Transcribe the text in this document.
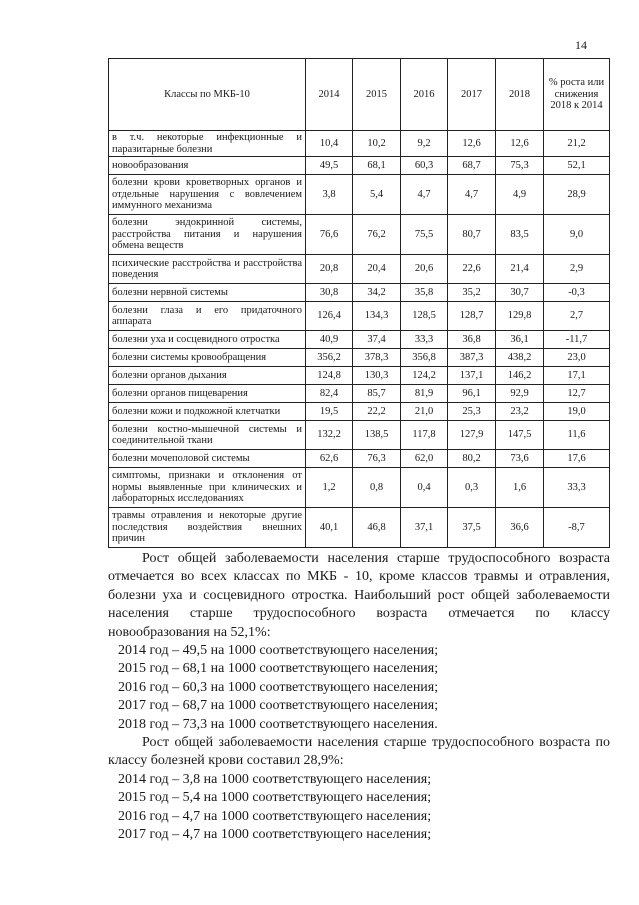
14
Классы по МКБ-10	2014	2015	2016	2017	2018	% роста или снижения 2018 к 2014
в т.ч. некоторые инфекционные и паразитарные болезни	10,4	10,2	9,2	12,6	12,6	21,2
новообразования	49,5	68,1	60,3	68,7	75,3	52,1
болезни крови кроветворных органов и отдельные нарушения с вовлечением иммунного механизма	3,8	5,4	4,7	4,7	4,9	28,9
болезни эндокринной системы, расстройства питания и нарушения обмена веществ	76,6	76,2	75,5	80,7	83,5	9,0
психические расстройства и расстройства поведения	20,8	20,4	20,6	22,6	21,4	2,9
болезни нервной системы	30,8	34,2	35,8	35,2	30,7	-0,3
болезни глаза и его придаточного аппарата	126,4	134,3	128,5	128,7	129,8	2,7
болезни уха и сосцевидного отростка	40,9	37,4	33,3	36,8	36,1	-11,7
болезни системы кровообращения	356,2	378,3	356,8	387,3	438,2	23,0
болезни органов дыхания	124,8	130,3	124,2	137,1	146,2	17,1
болезни органов пищеварения	82,4	85,7	81,9	96,1	92,9	12,7
болезни кожи и подкожной клетчатки	19,5	22,2	21,0	25,3	23,2	19,0
болезни костно-мышечной системы и соединительной ткани	132,2	138,5	117,8	127,9	147,5	11,6
болезни мочеполовой системы	62,6	76,3	62,0	80,2	73,6	17,6
симптомы, признаки и отклонения от нормы выявленные при клинических и лабораторных исследованиях	1,2	0,8	0,4	0,3	1,6	33,3
травмы отравления и некоторые другие последствия воздействия внешних причин	40,1	46,8	37,1	37,5	36,6	-8,7

Рост общей заболеваемости населения старше трудоспособного возраста отмечается во всех классах по МКБ - 10, кроме классов травмы и отравления, болезни уха и сосцевидного отростка. Наибольший рост общей заболеваемости населения старше трудоспособного возраста отмечается по классу новообразования на 52,1%:

2014 год – 49,5 на 1000 соответствующего населения;

2015 год – 68,1 на 1000 соответствующего населения;

2016 год – 60,3 на 1000 соответствующего населения;

2017 год – 68,7 на 1000 соответствующего населения;

2018 год – 73,3 на 1000 соответствующего населения.

Рост общей заболеваемости населения старше трудоспособного возраста по классу болезней крови составил 28,9%:

2014 год – 3,8 на 1000 соответствующего населения;

2015 год – 5,4 на 1000 соответствующего населения;

2016 год – 4,7 на 1000 соответствующего населения;

2017 год – 4,7 на 1000 соответствующего населения;
